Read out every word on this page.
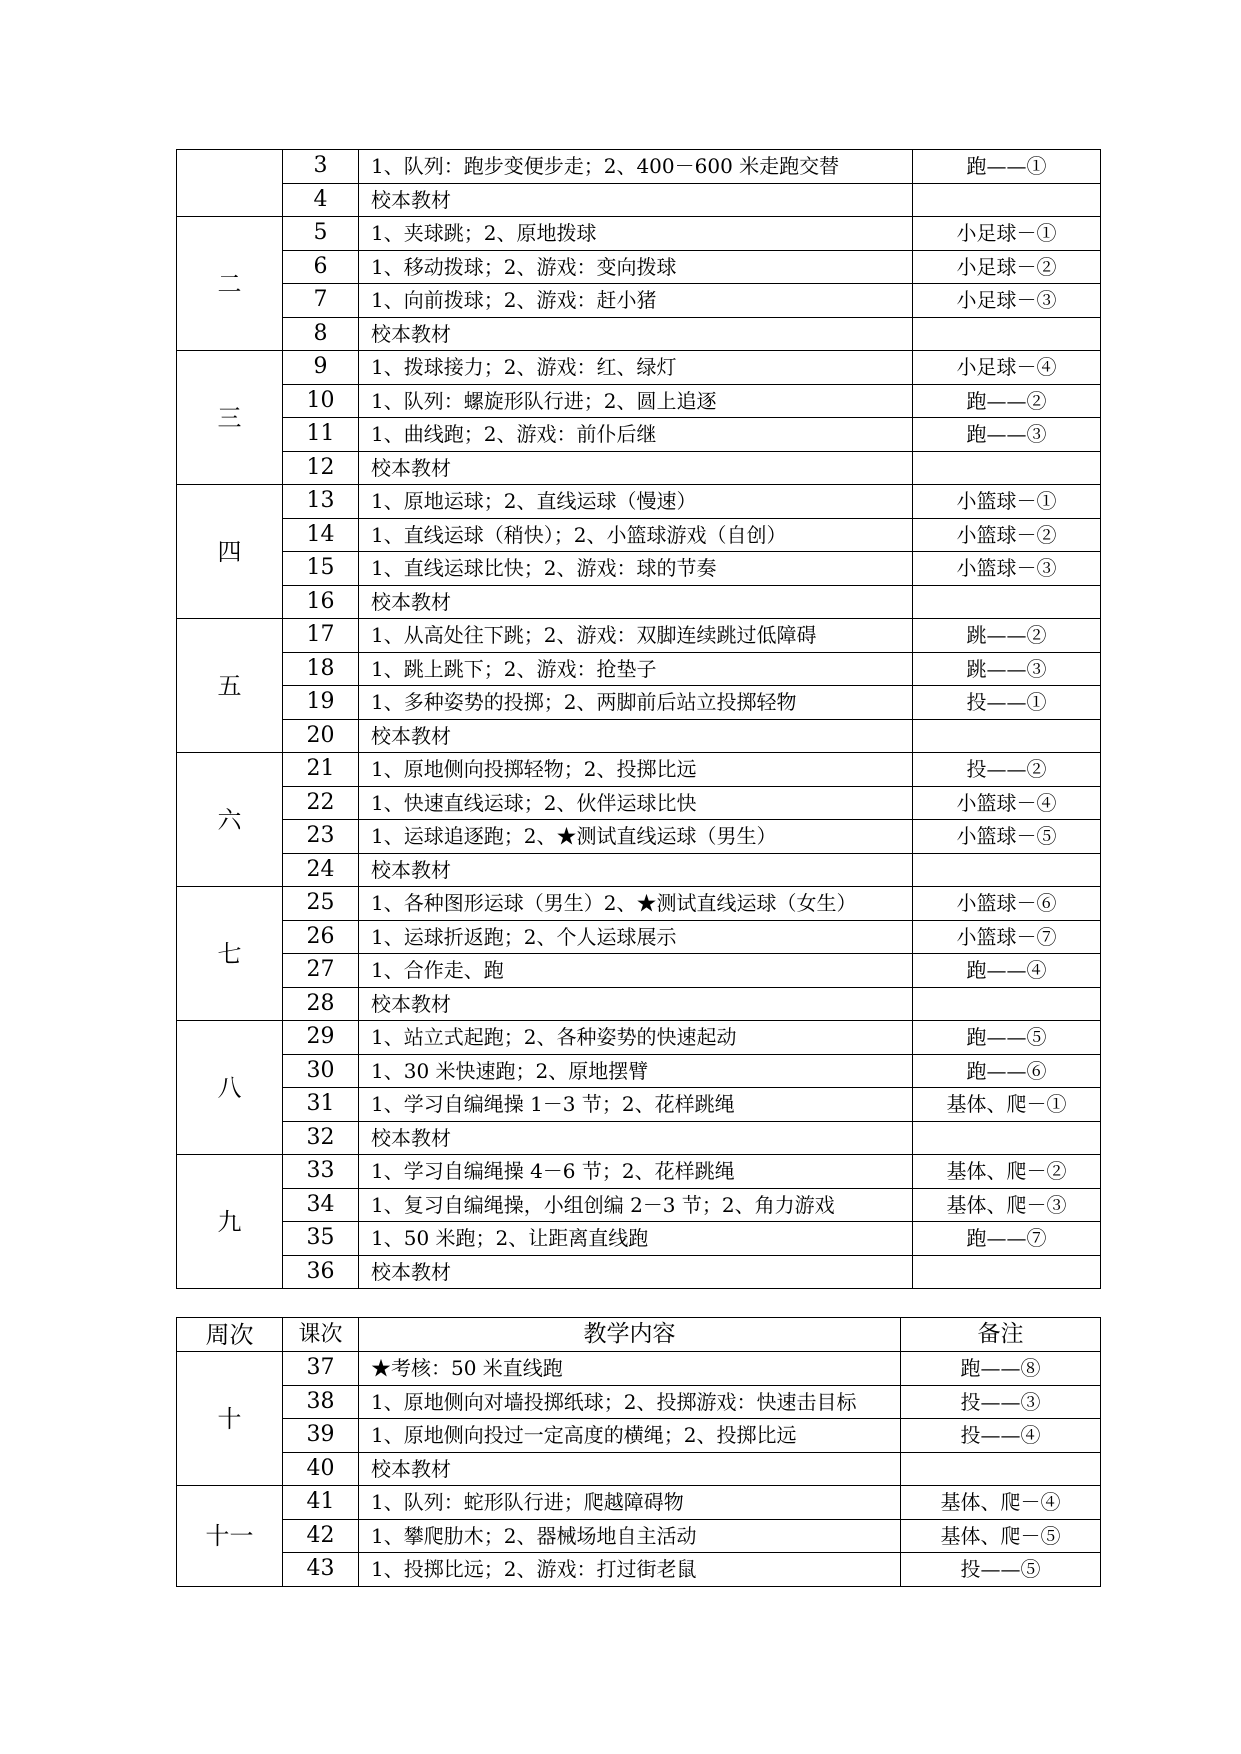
	3	1、队列：跑步变便步走；2、400－600 米走跑交替	跑——①
	4	校本教材	
二	5	1、夹球跳；2、原地拨球	小足球－①
	6	1、移动拨球；2、游戏：变向拨球	小足球－②
	7	1、向前拨球；2、游戏：赶小猪	小足球－③
	8	校本教材	
三	9	1、拨球接力；2、游戏：红、绿灯	小足球－④
	10	1、队列：螺旋形队行进；2、圆上追逐	跑——②
	11	1、曲线跑；2、游戏：前仆后继	跑——③
	12	校本教材	
四	13	1、原地运球；2、直线运球（慢速）	小篮球－①
	14	1、直线运球（稍快）；2、小篮球游戏（自创）	小篮球－②
	15	1、直线运球比快；2、游戏：球的节奏	小篮球－③
	16	校本教材	
五	17	1、从高处往下跳；2、游戏：双脚连续跳过低障碍	跳——②
	18	1、跳上跳下；2、游戏：抢垫子	跳——③
	19	1、多种姿势的投掷；2、两脚前后站立投掷轻物	投——①
	20	校本教材	
六	21	1、原地侧向投掷轻物；2、投掷比远	投——②
	22	1、快速直线运球；2、伙伴运球比快	小篮球－④
	23	1、运球追逐跑；2、★测试直线运球（男生）	小篮球－⑤
	24	校本教材	
七	25	1、各种图形运球（男生）2、★测试直线运球（女生）	小篮球－⑥
	26	1、运球折返跑；2、个人运球展示	小篮球－⑦
	27	1、合作走、跑	跑——④
	28	校本教材	
八	29	1、站立式起跑；2、各种姿势的快速起动	跑——⑤
	30	1、30 米快速跑；2、原地摆臂	跑——⑥
	31	1、学习自编绳操 1－3 节；2、花样跳绳	基体、爬－①
	32	校本教材	
九	33	1、学习自编绳操 4－6 节；2、花样跳绳	基体、爬－②
	34	1、复习自编绳操，小组创编 2－3 节；2、角力游戏	基体、爬－③
	35	1、50 米跑；2、让距离直线跑	跑——⑦
	36	校本教材	
周次	课次	教学内容	备注
十	37	★考核：50 米直线跑	跑——⑧
	38	1、原地侧向对墙投掷纸球；2、投掷游戏：快速击目标	投——③
	39	1、原地侧向投过一定高度的横绳；2、投掷比远	投——④
	40	校本教材	
十一	41	1、队列：蛇形队行进；爬越障碍物	基体、爬－④
	42	1、攀爬肋木；2、器械场地自主活动	基体、爬－⑤
	43	1、投掷比远；2、游戏：打过街老鼠	投——⑤
